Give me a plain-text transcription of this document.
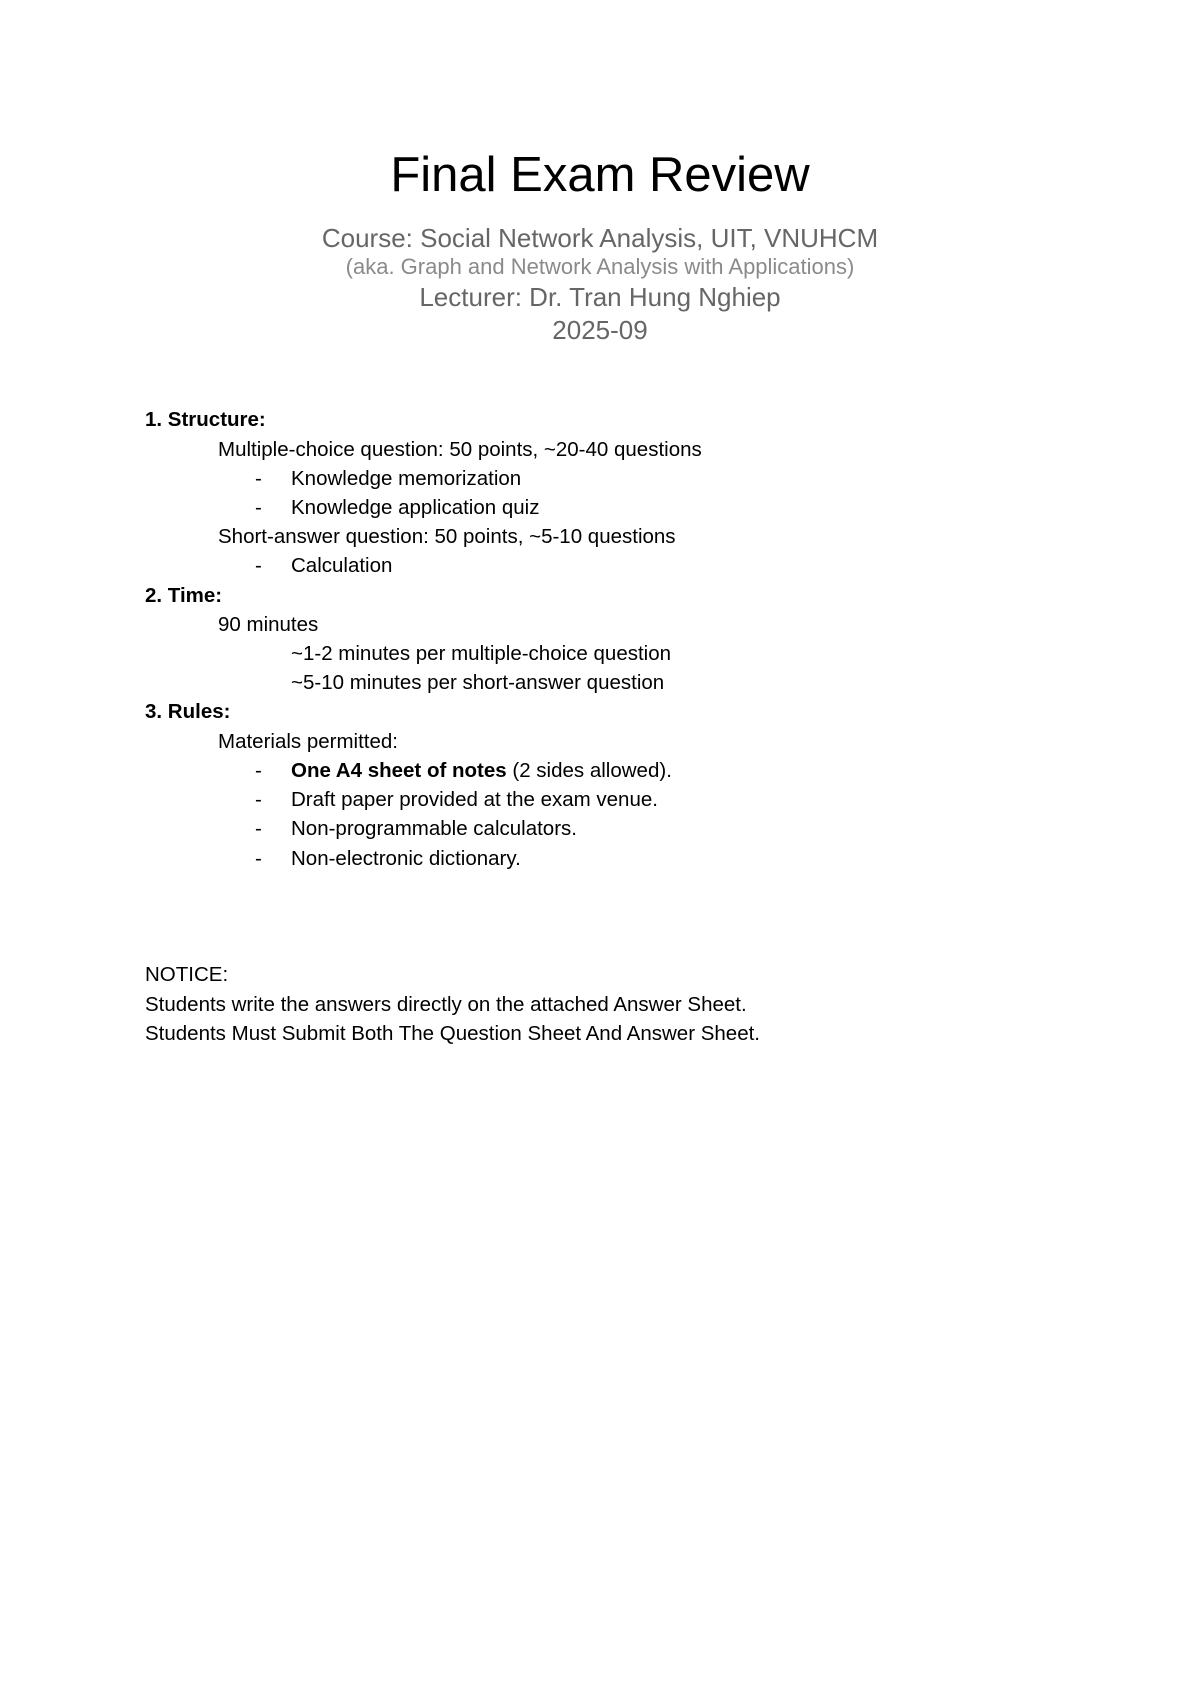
Final Exam Review
Course: Social Network Analysis, UIT, VNUHCM
(aka. Graph and Network Analysis with Applications)
Lecturer: Dr. Tran Hung Nghiep
2025-09
1. Structure:
Multiple-choice question: 50 points, ~20-40 questions
- Knowledge memorization
- Knowledge application quiz
Short-answer question: 50 points, ~5-10 questions
- Calculation
2. Time:
90 minutes
~1-2 minutes per multiple-choice question
~5-10 minutes per short-answer question
3. Rules:
Materials permitted:
- One A4 sheet of notes (2 sides allowed).
- Draft paper provided at the exam venue.
- Non-programmable calculators.
- Non-electronic dictionary.
NOTICE:
Students write the answers directly on the attached Answer Sheet.
Students Must Submit Both The Question Sheet And Answer Sheet.
